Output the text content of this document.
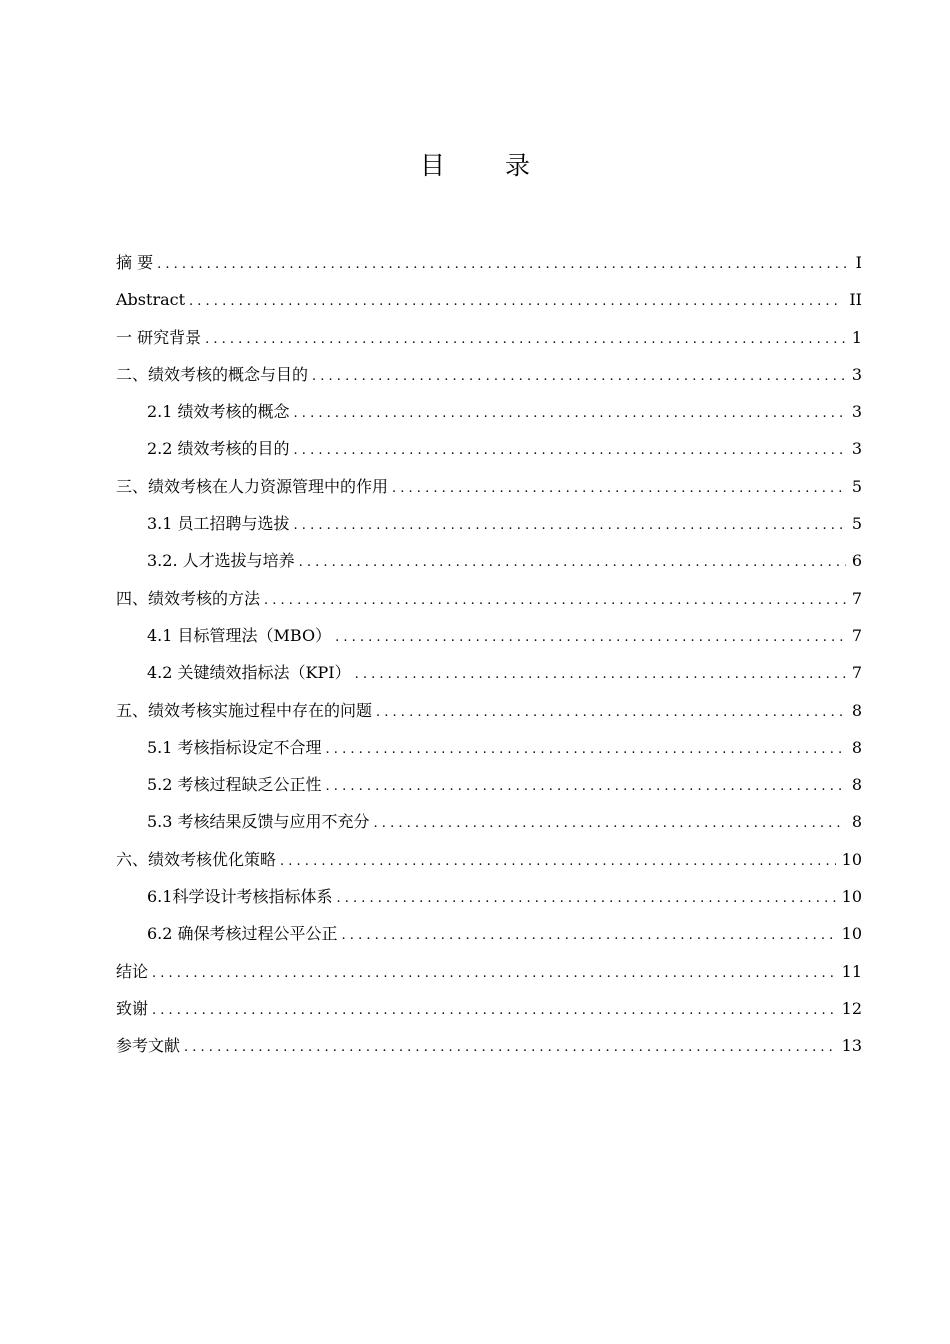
目 录
摘 要 . . .	I
Abstract . . .	II
一 研究背景 . . .	1
二、绩效考核的概念与目的 . . .	3
2.1 绩效考核的概念 . . .	3
2.2 绩效考核的目的 . . .	3
三、绩效考核在人力资源管理中的作用 . . .	5
3.1 员工招聘与选拔 . . .	5
3.2. 人才选拔与培养 . . .	6
四、绩效考核的方法 . . .	7
4.1 目标管理法（MBO） . . .	7
4.2 关键绩效指标法（KPI） . . .	7
五、绩效考核实施过程中存在的问题 . . .	8
5.1 考核指标设定不合理 . . .	8
5.2 考核过程缺乏公正性 . . .	8
5.3 考核结果反馈与应用不充分 . . .	8
六、绩效考核优化策略 . . .	10
6.1科学设计考核指标体系 . . .	10
6.2 确保考核过程公平公正 . . .	10
结论 . . .	11
致谢 . . .	12
参考文献 . . .	13
